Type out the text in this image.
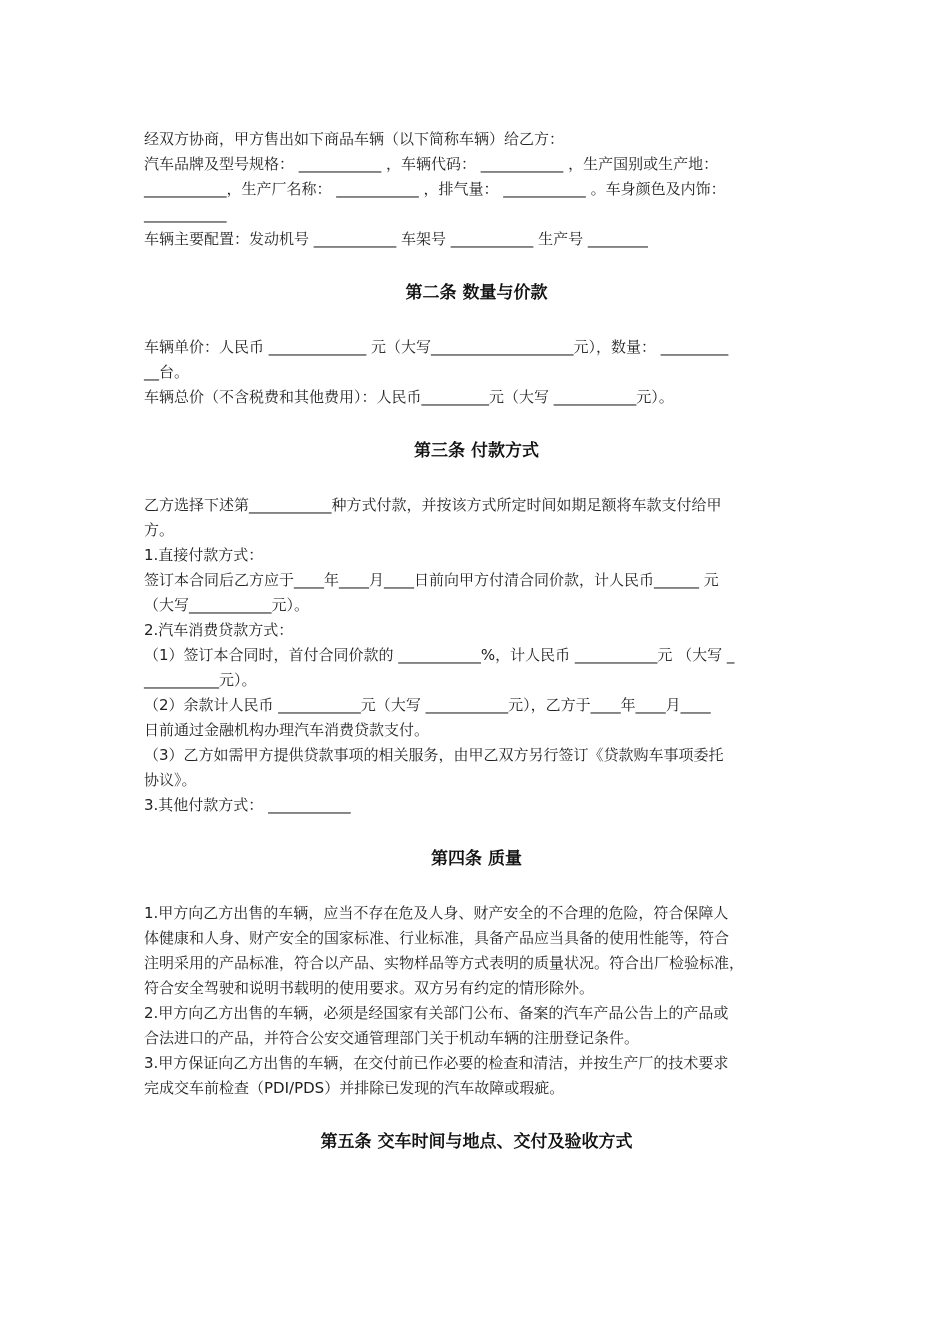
经双方协商，甲方售出如下商品车辆（以下简称车辆）给乙方：
汽车品牌及型号规格： ___________ ，车辆代码： ___________ ，生产国别或生产地：
___________，生产厂名称： ___________ ，排气量： ___________ 。车身颜色及内饰：
___________
车辆主要配置：发动机号 ___________ 车架号 ___________ 生产号 ________
第二条 数量与价款
车辆单价：人民币 _____________ 元（大写___________________元），数量： _________
__台。
车辆总价（不含税费和其他费用）：人民币_________元（大写 ___________元）。
第三条 付款方式
乙方选择下述第___________种方式付款，并按该方式所定时间如期足额将车款支付给甲
方。
1.直接付款方式：
签订本合同后乙方应于____年____月____日前向甲方付清合同价款，计人民币______ 元
（大写___________元）。
2.汽车消费贷款方式：
（1）签订本合同时，首付合同价款的 ___________%，计人民币 ___________元 （大写 _
__________元）。
（2）余款计人民币 ___________元（大写 ___________元），乙方于____年____月____
日前通过金融机构办理汽车消费贷款支付。
（3）乙方如需甲方提供贷款事项的相关服务，由甲乙双方另行签订《贷款购车事项委托
协议》。
3.其他付款方式： ___________
第四条 质量
1.甲方向乙方出售的车辆，应当不存在危及人身、财产安全的不合理的危险，符合保障人
体健康和人身、财产安全的国家标准、行业标准，具备产品应当具备的使用性能等，符合
注明采用的产品标准，符合以产品、实物样品等方式表明的质量状况。符合出厂检验标准，
符合安全驾驶和说明书载明的使用要求。双方另有约定的情形除外。
2.甲方向乙方出售的车辆，必须是经国家有关部门公布、备案的汽车产品公告上的产品或
合法进口的产品，并符合公安交通管理部门关于机动车辆的注册登记条件。
3.甲方保证向乙方出售的车辆，在交付前已作必要的检查和清洁，并按生产厂的技术要求
完成交车前检查（PDI/PDS）并排除已发现的汽车故障或瑕疵。
第五条 交车时间与地点、交付及验收方式
